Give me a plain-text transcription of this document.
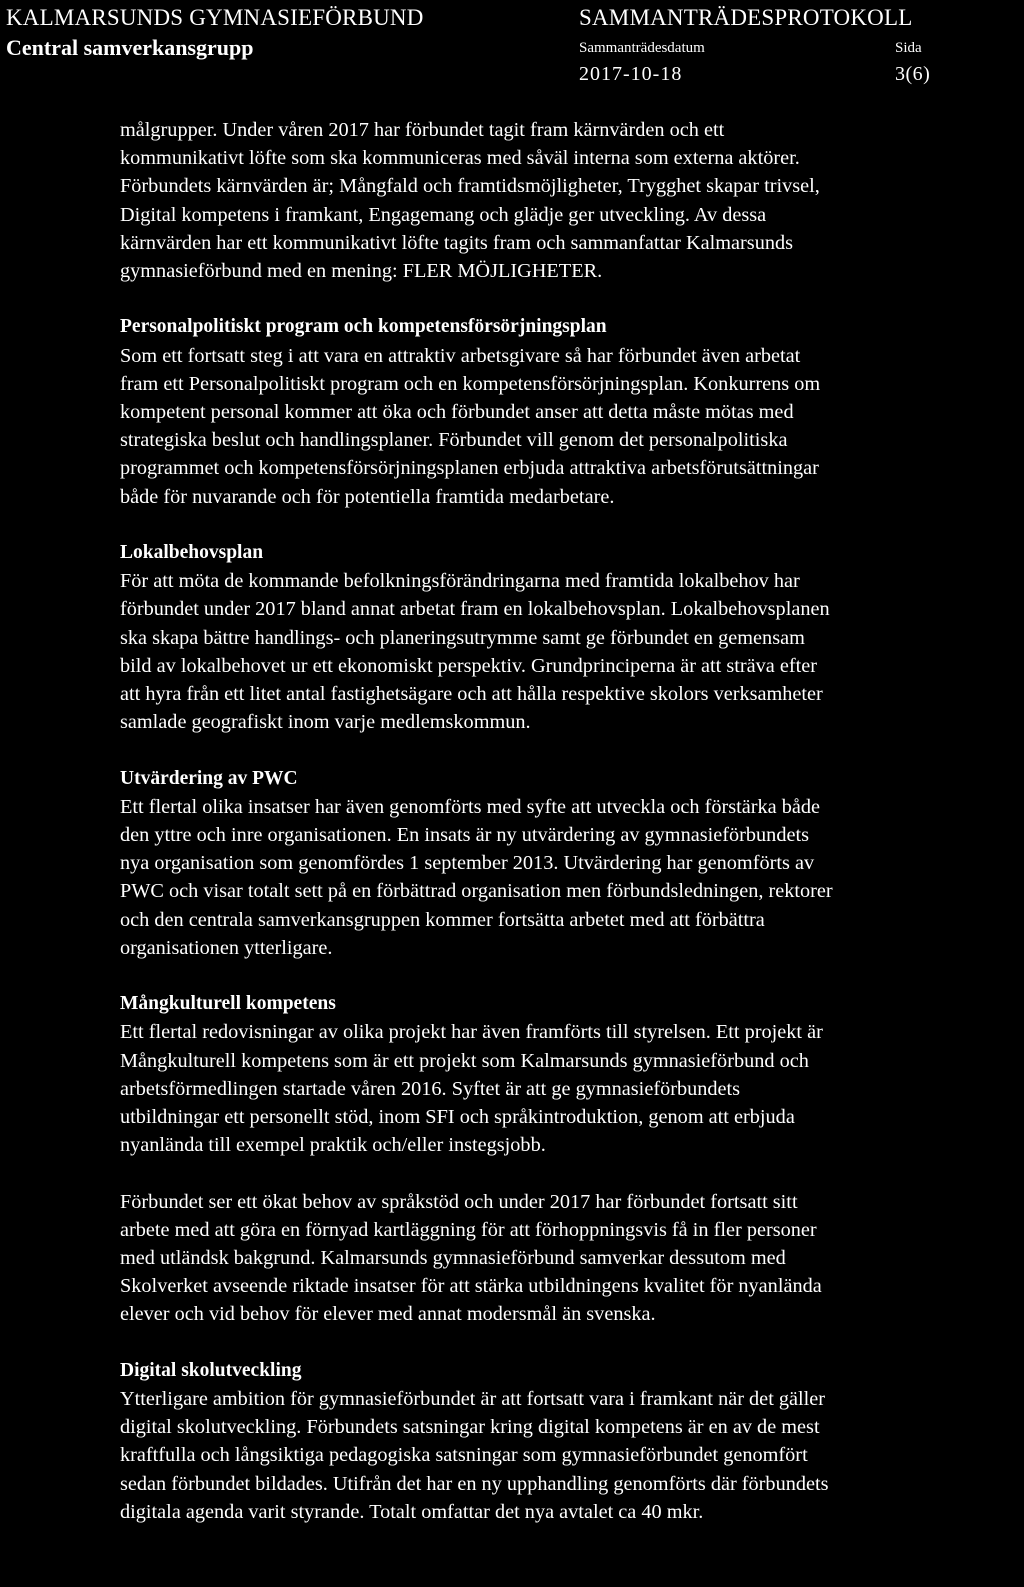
KALMARSUNDS GYMNASIEFÖRBUND
Central samverkansgrupp
SAMMANTRÄDESPROTOKOLL
Sammanträdesdatum	Sida
2017-10-18	3(6)

målgrupper. Under våren 2017 har förbundet tagit fram kärnvärden och ett
kommunikativt löfte som ska kommuniceras med såväl interna som externa aktörer.
Förbundets kärnvärden är; Mångfald och framtidsmöjligheter, Trygghet skapar trivsel,
Digital kompetens i framkant, Engagemang och glädje ger utveckling. Av dessa
kärnvärden har ett kommunikativt löfte tagits fram och sammanfattar Kalmarsunds
gymnasieförbund med en mening: FLER MÖJLIGHETER.

Personalpolitiskt program och kompetensförsörjningsplan
Som ett fortsatt steg i att vara en attraktiv arbetsgivare så har förbundet även arbetat
fram ett Personalpolitiskt program och en kompetensförsörjningsplan. Konkurrens om
kompetent personal kommer att öka och förbundet anser att detta måste mötas med
strategiska beslut och handlingsplaner. Förbundet vill genom det personalpolitiska
programmet och kompetensförsörjningsplanen erbjuda attraktiva arbetsförutsättningar
både för nuvarande och för potentiella framtida medarbetare.
Lokalbehovsplan
För att möta de kommande befolkningsförändringarna med framtida lokalbehov har
förbundet under 2017 bland annat arbetat fram en lokalbehovsplan. Lokalbehovsplanen
ska skapa bättre handlings- och planeringsutrymme samt ge förbundet en gemensam
bild av lokalbehovet ur ett ekonomiskt perspektiv. Grundprinciperna är att sträva efter
att hyra från ett litet antal fastighetsägare och att hålla respektive skolors verksamheter
samlade geografiskt inom varje medlemskommun.
Utvärdering av PWC
Ett flertal olika insatser har även genomförts med syfte att utveckla och förstärka både
den yttre och inre organisationen. En insats är ny utvärdering av gymnasieförbundets
nya organisation som genomfördes 1 september 2013. Utvärdering har genomförts av
PWC och visar totalt sett på en förbättrad organisation men förbundsledningen, rektorer
och den centrala samverkansgruppen kommer fortsätta arbetet med att förbättra
organisationen ytterligare.
Mångkulturell kompetens
Ett flertal redovisningar av olika projekt har även framförts till styrelsen. Ett projekt är
Mångkulturell kompetens som är ett projekt som Kalmarsunds gymnasieförbund och
arbetsförmedlingen startade våren 2016. Syftet är att ge gymnasieförbundets
utbildningar ett personellt stöd, inom SFI och språkintroduktion, genom att erbjuda
nyanlända till exempel praktik och/eller instegsjobb.
Förbundet ser ett ökat behov av språkstöd och under 2017 har förbundet fortsatt sitt
arbete med att göra en förnyad kartläggning för att förhoppningsvis få in fler personer
med utländsk bakgrund. Kalmarsunds gymnasieförbund samverkar dessutom med
Skolverket avseende riktade insatser för att stärka utbildningens kvalitet för nyanlända
elever och vid behov för elever med annat modersmål än svenska.
Digital skolutveckling
Ytterligare ambition för gymnasieförbundet är att fortsatt vara i framkant när det gäller
digital skolutveckling. Förbundets satsningar kring digital kompetens är en av de mest
kraftfulla och långsiktiga pedagogiska satsningar som gymnasieförbundet genomfört
sedan förbundet bildades. Utifrån det har en ny upphandling genomförts där förbundets
digitala agenda varit styrande. Totalt omfattar det nya avtalet ca 40 mkr.
